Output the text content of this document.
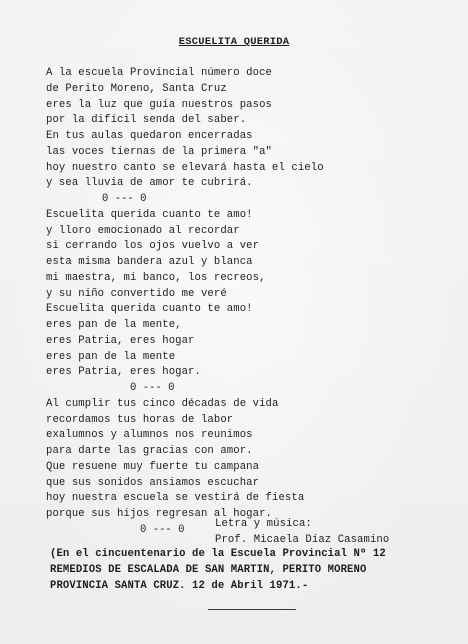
ESCUELITA QUERIDA
A la escuela Provincial número doce
de Perito Moreno, Santa Cruz
eres la luz que guía nuestros pasos
por la difícil senda del saber.
En tus aulas quedaron encerradas
las voces tiernas de la primera "a"
hoy nuestro canto se elevará hasta el cielo
y sea lluvia de amor te cubrirá.
0 --- 0
Escuelita querida cuanto te amo!
y lloro emocionado al recordar
si cerrando los ojos vuelvo a ver
esta misma bandera azul y blanca
mi maestra, mi banco, los recreos,
y su niño convertido me veré
Escuelita querida cuanto te amo!
eres pan de la mente,
eres Patria, eres hogar
eres pan de la mente
eres Patria, eres hogar.
0 --- 0
Al cumplir tus cinco décadas de vida
recordamos tus horas de labor
exalumnos y alumnos nos reunimos
para darte las gracias con amor.
Que resuene muy fuerte tu campana
que sus sonidos ansiamos escuchar
hoy nuestra escuela se vestirá de fiesta
porque sus hijos regresan al hogar.
0 --- 0	Letra y música:
Prof. Micaela Díaz Casamino
(En el cincuentenario de la Escuela Provincial Nº 12
REMEDIOS DE ESCALADA DE SAN MARTIN, PERITO MORENO
PROVINCIA SANTA CRUZ. 12 de Abril 1971.-
